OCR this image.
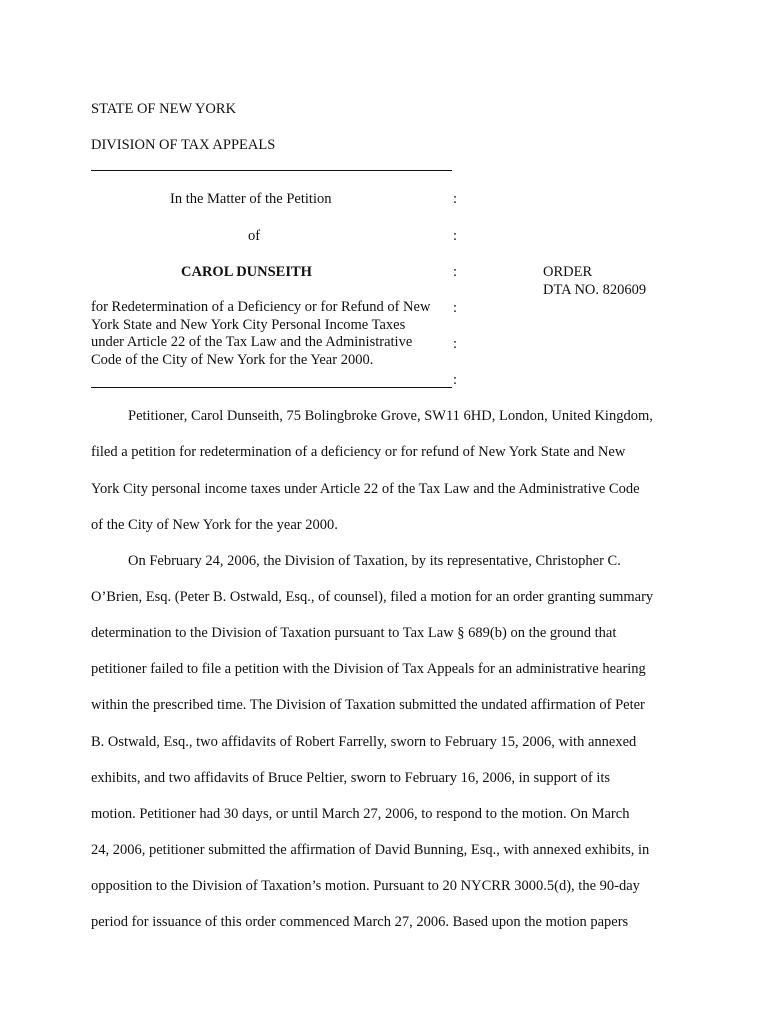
STATE OF NEW YORK
DIVISION OF TAX APPEALS
In the Matter of the Petition
of
CAROL DUNSEITH
for Redetermination of a Deficiency or for Refund of New
York State and New York City Personal Income Taxes
under Article 22 of the Tax Law and the Administrative
Code of the City of New York for the Year 2000.
:
:
:
:
:
:
ORDER
DTA NO. 820609
Petitioner, Carol Dunseith, 75 Bolingbroke Grove, SW11 6HD, London, United Kingdom,
filed a petition for redetermination of a deficiency or for refund of New York State and New
York City personal income taxes under Article 22 of the Tax Law and the Administrative Code
of the City of New York for the year 2000.
On February 24, 2006, the Division of Taxation, by its representative, Christopher C.
O’Brien, Esq. (Peter B. Ostwald, Esq., of counsel), filed a motion for an order granting summary
determination to the Division of Taxation pursuant to Tax Law § 689(b) on the ground that
petitioner failed to file a petition with the Division of Tax Appeals for an administrative hearing
within the prescribed time. The Division of Taxation submitted the undated affirmation of Peter
B. Ostwald, Esq., two affidavits of Robert Farrelly, sworn to February 15, 2006, with annexed
exhibits, and two affidavits of Bruce Peltier, sworn to February 16, 2006, in support of its
motion. Petitioner had 30 days, or until March 27, 2006, to respond to the motion. On March
24, 2006, petitioner submitted the affirmation of David Bunning, Esq., with annexed exhibits, in
opposition to the Division of Taxation’s motion. Pursuant to 20 NYCRR 3000.5(d), the 90-day
period for issuance of this order commenced March 27, 2006. Based upon the motion papers
